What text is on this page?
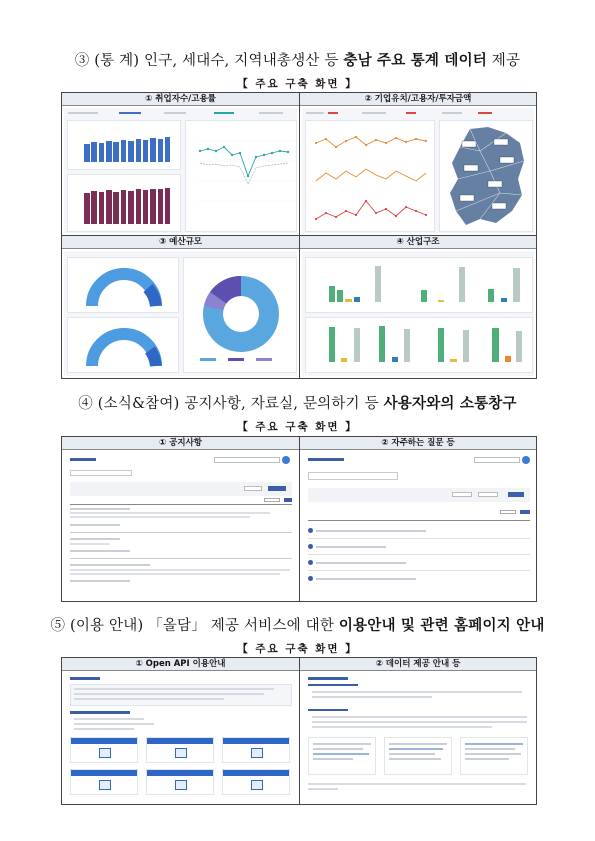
③ (통 계) 인구, 세대수, 지역내총생산 등 충남 주요 통계 데이터 제공
【 주요 구축 화면 】
① 취업자수/고용률	② 기업유치/고용자/투자금액
③ 예산규모	④ 산업구조
④ (소식&참여) 공지사항, 자료실, 문의하기 등 사용자와의 소통창구
【 주요 구축 화면 】
① 공지사항	② 자주하는 질문 등
⑤ (이용 안내) 「올담」 제공 서비스에 대한 이용안내 및 관련 홈페이지 안내
【 주요 구축 화면 】
① Open API 이용안내	② 데이터 제공 안내 등
